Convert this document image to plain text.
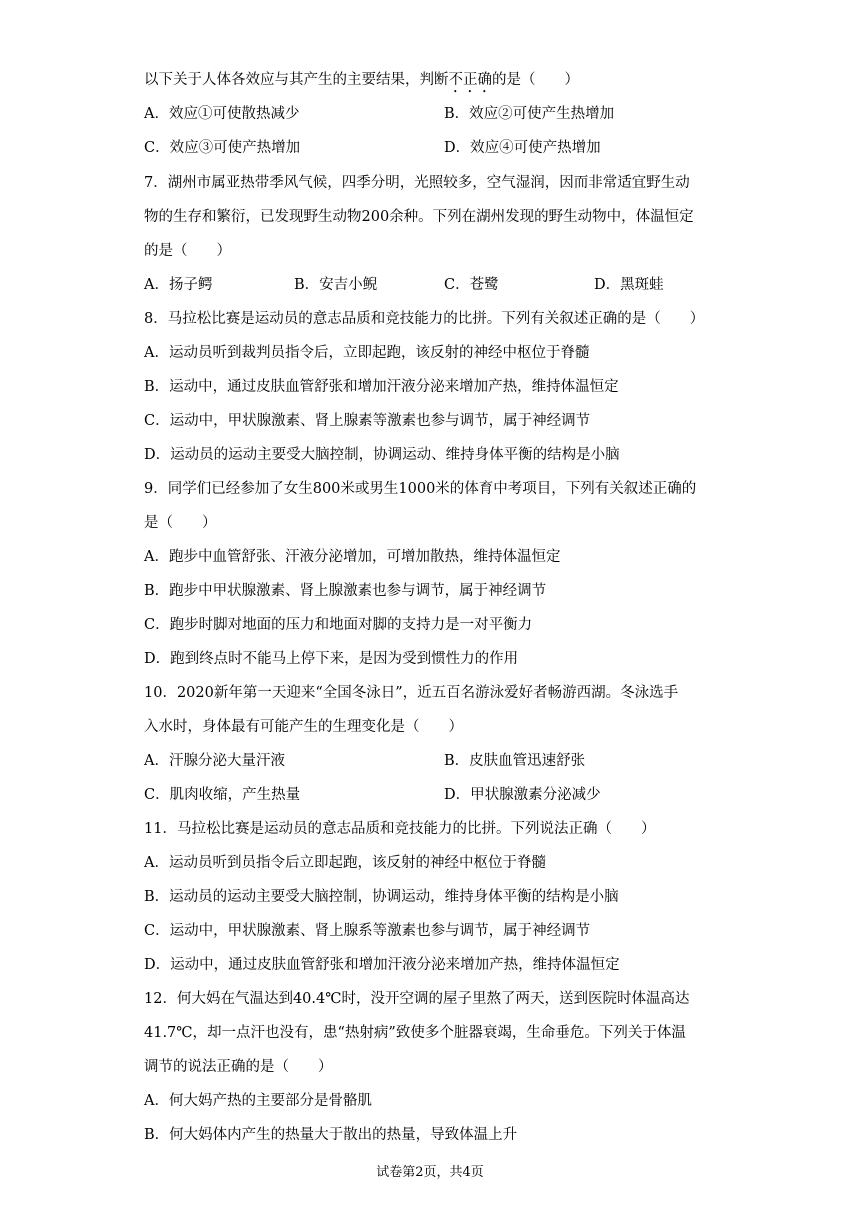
以下关于人体各效应与其产生的主要结果，判断不正确的是（　　）
A．效应①可使散热减少	B．效应②可使产生热增加
C．效应③可使产热增加	D．效应④可使产热增加
7．湖州市属亚热带季风气候，四季分明，光照较多，空气湿润，因而非常适宜野生动
物的生存和繁衍，已发现野生动物200余种。下列在湖州发现的野生动物中，体温恒定
的是（　　）
A．扬子鳄	B．安吉小鲵	C．苍鹭	D．黑斑蛙
8．马拉松比赛是运动员的意志品质和竞技能力的比拼。下列有关叙述正确的是（　　）
A．运动员听到裁判员指令后，立即起跑，该反射的神经中枢位于脊髓
B．运动中，通过皮肤血管舒张和增加汗液分泌来增加产热，维持体温恒定
C．运动中，甲状腺激素、肾上腺素等激素也参与调节，属于神经调节
D．运动员的运动主要受大脑控制，协调运动、维持身体平衡的结构是小脑
9．同学们已经参加了女生800米或男生1000米的体育中考项目，下列有关叙述正确的
是（　　）
A．跑步中血管舒张、汗液分泌增加，可增加散热，维持体温恒定
B．跑步中甲状腺激素、肾上腺激素也参与调节，属于神经调节
C．跑步时脚对地面的压力和地面对脚的支持力是一对平衡力
D．跑到终点时不能马上停下来，是因为受到惯性力的作用
10．2020新年第一天迎来“全国冬泳日”，近五百名游泳爱好者畅游西湖。冬泳选手
入水时，身体最有可能产生的生理变化是（　　）
A．汗腺分泌大量汗液	B．皮肤血管迅速舒张
C．肌肉收缩，产生热量	D．甲状腺激素分泌减少
11．马拉松比赛是运动员的意志品质和竞技能力的比拼。下列说法正确（　　）
A．运动员听到员指令后立即起跑，该反射的神经中枢位于脊髓
B．运动员的运动主要受大脑控制，协调运动，维持身体平衡的结构是小脑
C．运动中，甲状腺激素、肾上腺系等激素也参与调节，属于神经调节
D．运动中，通过皮肤血管舒张和增加汗液分泌来增加产热，维持体温恒定
12．何大妈在气温达到40.4℃时，没开空调的屋子里熬了两天，送到医院时体温高达
41.7℃，却一点汗也没有，患“热射病”致使多个脏器衰竭，生命垂危。下列关于体温
调节的说法正确的是（　　）
A．何大妈产热的主要部分是骨骼肌
B．何大妈体内产生的热量大于散出的热量，导致体温上升
试卷第2页，共4页
